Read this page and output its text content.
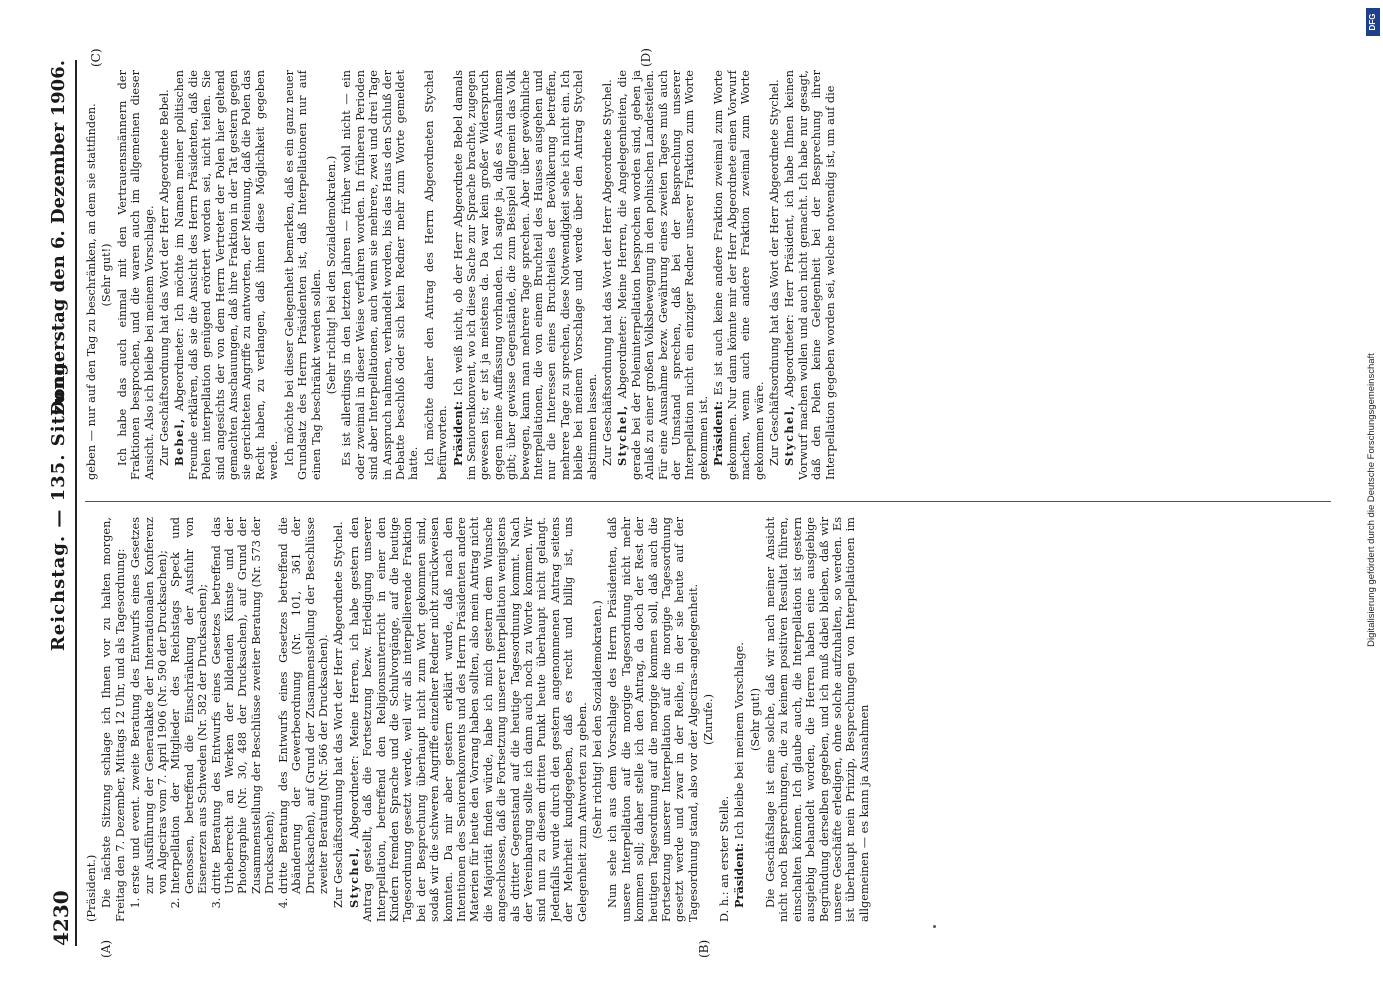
4230
Reichstag. — 135. Sitzung.
Donnerstag den 6. Dezember 1906.
(A)	(B)
(C)	(D)

(Präsident.) Die nächste Sitzung schlage ich Ihnen vor zu halten morgen, Freitag den 7. Dezember, Mittags 12 Uhr, und als Tagesordnung: 1. erste und event. zweite Beratung des Entwurfs eines Gesetzes zur Ausführung der Generalakte der Internationalen Konferenz von Algeciras vom 7. April 1906 (Nr. 590 der Drucksachen); 2. Interpellation der Mitglieder des Reichstags Speck und Genossen, betreffend die Einschränkung der Ausfuhr von Eisenerzen aus Schweden (Nr. 582 der Drucksachen); 3. dritte Beratung des Entwurfs eines Gesetzes betreffend das Urheberrecht an Werken der bildenden Künste und der Photographie (Nr. 30, 488 der Drucksachen), auf Grund der Zusammenstellung der Beschlüsse zweiter Beratung (Nr. 573 der Drucksachen); 4. dritte Beratung des Entwurfs eines Gesetzes betreffend die Abänderung der Gewerbeordnung (Nr. 101, 361 der Drucksachen), auf Grund der Zusammenstellung der Beschlüsse zweiter Beratung (Nr. 566 der Drucksachen). Zur Geschäftsordnung hat das Wort der Herr Abgeordnete Stychel. Stychel, Abgeordneter: Meine Herren, ich habe gestern den Antrag gestellt, daß die Fortsetzung bezw. Erledigung unserer Interpellation, betreffend den Religionsunterricht in einer den Kindern fremden Sprache und die Schulvorgänge, auf die heutige Tagesordnung gesetzt werde, weil wir als interpellierende Fraktion bei der Besprechung überhaupt nicht zum Wort gekommen sind, sodaß wir die schweren Angriffe einzelner Redner nicht zurückweisen konnten. Da mir aber gestern erklärt wurde, daß nach den Intentionen des Seniorenkonvents und des Herrn Präsidenten andere Materien für heute den Vorrang haben sollten, also mein Antrag nicht die Majorität finden würde, habe ich mich gestern dem Wunsche angeschlossen, daß die Fortsetzung unserer Interpellation wenigstens als dritter Gegenstand auf die heutige Tagesordnung kommt. Nach der Vereinbarung sollte ich dann auch noch zu Worte kommen. Wir sind nun zu diesem dritten Punkt heute überhaupt nicht gelangt. Jedenfalls wurde durch den gestern angenommenen Antrag seitens der Mehrheit kundgegeben, daß es recht und billig ist, uns Gelegenheit zum Antworten zu geben. (Sehr richtig! bei den Sozialdemokraten.) Nun sehe ich aus dem Vorschlage des Herrn Präsidenten, daß unsere Interpellation auf die morgige Tagesordnung nicht mehr kommen soll; daher stelle ich den Antrag, da doch der Rest der heutigen Tagesordnung auf die morgige kommen soll, daß auch die Fortsetzung unserer Interpellation auf die morgige Tagesordnung gesetzt werde und zwar in der Reihe, in der sie heute auf der Tagesordnung stand, also vor der Algeciras-angelegenheit. (Zurufe.)

D. h.: an erster Stelle. Präsident: Ich bleibe bei meinem Vorschlage. (Sehr gut!) Die Geschäftslage ist eine solche, daß wir nach meiner Ansicht nicht noch Besprechungen, die zu keinem positiven Resultat führen, einschalten können. Ich glaube auch, die Interpellation ist gestern ausgiebig behandelt worden, die Herren haben eine ausgiebige Begründung derselben gegeben, und ich muß dabei bleiben, daß wir unsere Geschäfte erledigen, ohne solche aufzuhalten, so werden. Es ist überhaupt mein Prinzip, Besprechungen von Interpellationen im allgemeinen — es kann ja Ausnahmen

geben — nur auf den Tag zu beschränken, an dem sie stattfinden. (Sehr gut!) Ich habe das auch einmal mit den Vertrauensmännern der Fraktionen besprochen, und die waren auch im allgemeinen dieser Ansicht. Also ich bleibe bei meinem Vorschlage. Zur Geschäftsordnung hat das Wort der Herr Abgeordnete Bebel. Bebel, Abgeordneter: Ich möchte im Namen meiner politischen Freunde erklären, daß sie die Ansicht des Herrn Präsidenten, daß die Polen interpellation genügend erörtert worden sei, nicht teilen. Sie sind angesichts der von dem Herrn Vertreter der Polen hier geltend gemachten Anschauungen, daß ihre Fraktion in der Tat gestern gegen sie gerichteten Angriffe zu antworten, der Meinung, daß die Polen das Recht haben, zu verlangen, daß ihnen diese Möglichkeit gegeben werde. Ich möchte bei dieser Gelegenheit bemerken, daß es ein ganz neuer Grundsatz des Herrn Präsidenten ist, daß Interpellationen nur auf einen Tag beschränkt werden sollen. (Sehr richtig! bei den Sozialdemokraten.) Es ist allerdings in den letzten Jahren — früher wohl nicht — ein oder zweimal in dieser Weise verfahren worden. In früheren Perioden sind aber Interpellationen, auch wenn sie mehrere, zwei und drei Tage in Anspruch nahmen, verhandelt worden, bis das Haus den Schluß der Debatte beschloß oder sich kein Redner mehr zum Worte gemeldet hatte. Ich möchte daher den Antrag des Herrn Abgeordneten Stychel befürworten. Präsident: Ich weiß nicht, ob der Herr Abgeordnete Bebel damals im Seniorenkonvent, wo ich diese Sache zur Sprache brachte, zugegen gewesen ist; er ist ja meistens da. Da war kein großer Widerspruch gegen meine Auffassung vorhanden. Ich sagte ja, daß es Ausnahmen gibt; über gewisse Gegenstände, die zum Beispiel allgemein das Volk bewegen, kann man mehrere Tage sprechen. Aber über gewöhnliche Interpellationen, die von einem Bruchteil des Hauses ausgehen und nur die Interessen eines Bruchteiles der Bevölkerung betreffen, mehrere Tage zu sprechen, diese Notwendigkeit sehe ich nicht ein. Ich bleibe bei meinem Vorschlage und werde über den Antrag Stychel abstimmen lassen. Zur Geschäftsordnung hat das Wort der Herr Abgeordnete Stychel. Stychel, Abgeordneter: Meine Herren, die Angelegenheiten, die gerade bei der Poleninterpellation besprochen worden sind, geben ja Anlaß zu einer großen Volksbewegung in den polnischen Landesteilen. Für eine Ausnahme bezw. Gewährung eines zweiten Tages muß auch der Umstand sprechen, daß bei der Besprechung unserer Interpellation nicht ein einziger Redner unserer Fraktion zum Worte gekommen ist. Präsident: Es ist auch keine andere Fraktion zweimal zum Worte gekommen. Nur dann könnte mir der Herr Abgeordnete einen Vorwurf machen, wenn auch eine andere Fraktion zweimal zum Worte gekommen wäre. Zur Geschäftsordnung hat das Wort der Herr Abgeordnete Stychel. Stychel, Abgeordneter: Herr Präsident, ich habe Ihnen keinen Vorwurf machen wollen und auch nicht gemacht. Ich habe nur gesagt, daß den Polen keine Gelegenheit bei der Besprechung ihrer Interpellation gegeben worden sei, welche notwendig ist, um auf die

DFG
Digitalisierung gefördert durch die Deutsche Forschungsgemeinschaft
